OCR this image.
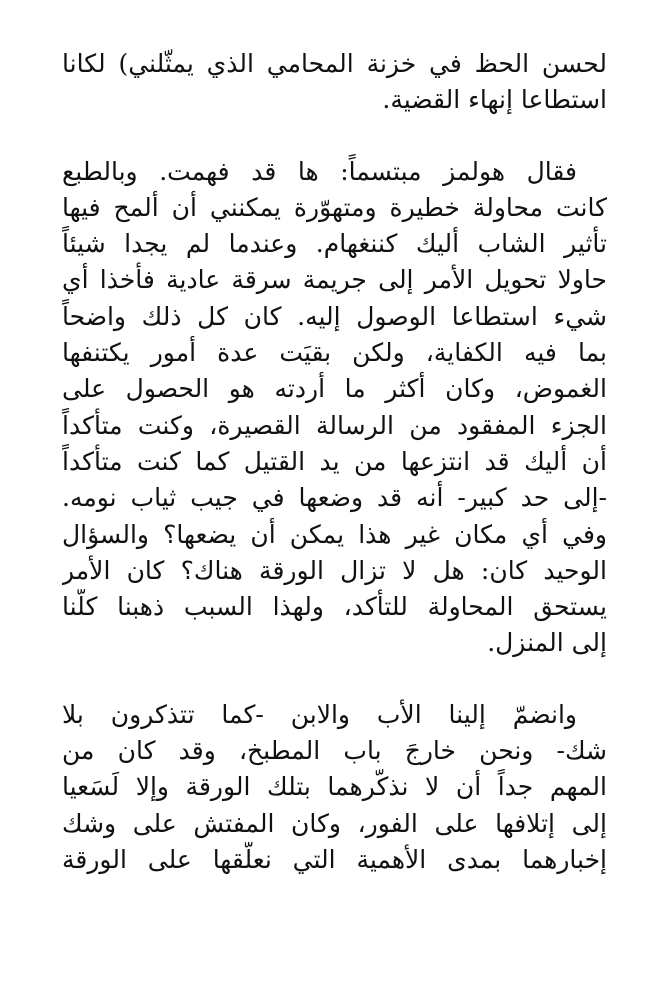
لحسن الحظ في خزنة المحامي الذي يمثّلني) لكانا
استطاعا إنهاء القضية.
فقال هولمز مبتسماً: ها قد فهمت. وبالطبع
كانت محاولة خطيرة ومتهوّرة يمكنني أن ألمح فيها
تأثير الشاب أليك كننغهام. وعندما لم يجدا شيئاً
حاولا تحويل الأمر إلى جريمة سرقة عادية فأخذا أي
شيء استطاعا الوصول إليه. كان كل ذلك واضحاً
بما فيه الكفاية، ولكن بقيَت عدة أمور يكتنفها
الغموض، وكان أكثر ما أردته هو الحصول على
الجزء المفقود من الرسالة القصيرة، وكنت متأكداً
أن أليك قد انتزعها من يد القتيل كما كنت متأكداً
-إلى حد كبير- أنه قد وضعها في جيب ثياب نومه.
وفي أي مكان غير هذا يمكن أن يضعها؟ والسؤال
الوحيد كان: هل لا تزال الورقة هناك؟ كان الأمر
يستحق المحاولة للتأكد، ولهذا السبب ذهبنا كلّنا
إلى المنزل.
وانضمّ إلينا الأب والابن -كما تتذكرون بلا
شك- ونحن خارجَ باب المطبخ، وقد كان من
المهم جداً أن لا نذكّرهما بتلك الورقة وإلا لَسَعيا
إلى إتلافها على الفور، وكان المفتش على وشك
إخبارهما بمدى الأهمية التي نعلّقها على الورقة
